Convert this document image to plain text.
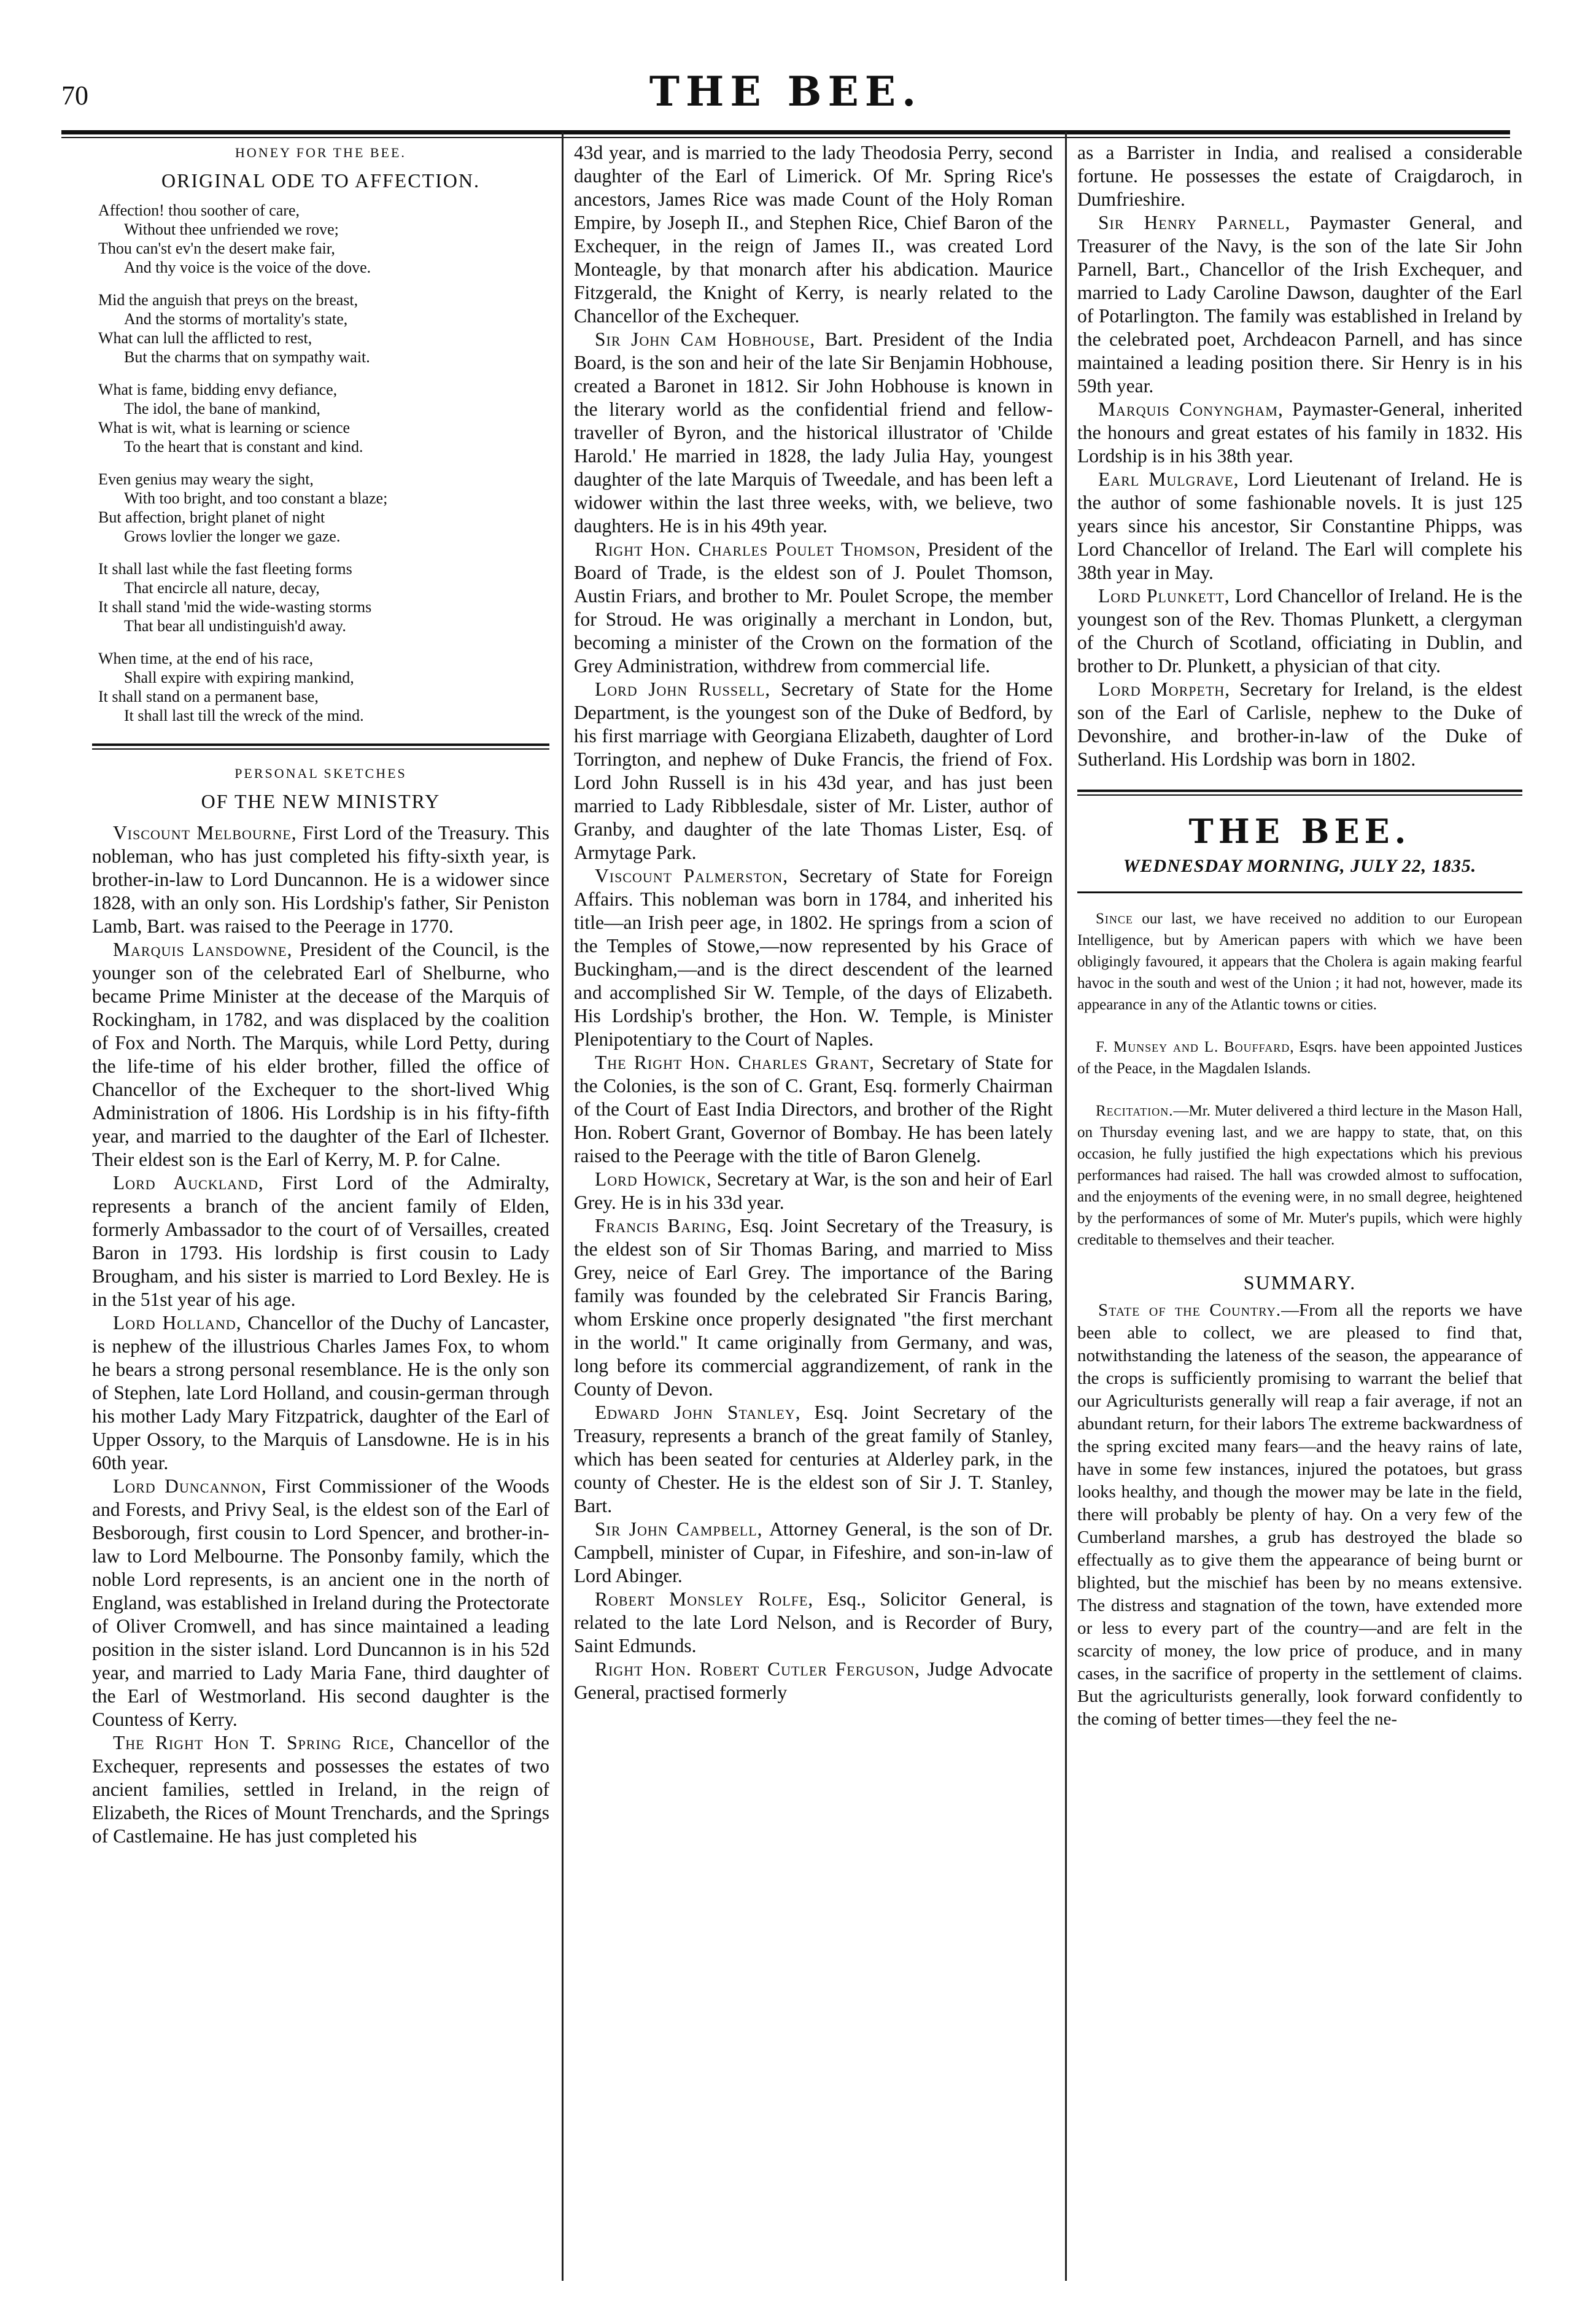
70	THE BEE.
HONEY FOR THE BEE.
ORIGINAL ODE TO AFFECTION.
Affection! thou soother of care,
Without thee unfriended we rove;
Thou can'st ev'n the desert make fair,
And thy voice is the voice of the dove.
Mid the anguish that preys on the breast,
And the storms of mortality's state,
What can lull the afflicted to rest,
But the charms that on sympathy wait.
What is fame, bidding envy defiance,
The idol, the bane of mankind,
What is wit, what is learning or science
To the heart that is constant and kind.
Even genius may weary the sight,
With too bright, and too constant a blaze;
But affection, bright planet of night
Grows lovlier the longer we gaze.
It shall last while the fast fleeting forms
That encircle all nature, decay,
It shall stand 'mid the wide-wasting storms
That bear all undistinguish'd away.
When time, at the end of his race,
Shall expire with expiring mankind,
It shall stand on a permanent base,
It shall last till the wreck of the mind.
PERSONAL SKETCHES
OF THE NEW MINISTRY

Viscount Melbourne, First Lord of the Treasury. This nobleman, who has just completed his fifty-sixth year, is brother-in-law to Lord Duncannon. He is a widower since 1828, with an only son. His Lordship's father, Sir Peniston Lamb, Bart. was raised to the Peerage in 1770.

Marquis Lansdowne, President of the Council, is the younger son of the celebrated Earl of Shelburne, who became Prime Minister at the decease of the Marquis of Rockingham, in 1782, and was displaced by the coalition of Fox and North. The Marquis, while Lord Petty, during the life-time of his elder brother, filled the office of Chancellor of the Exchequer to the short-lived Whig Administration of 1806. His Lordship is in his fifty-fifth year, and married to the daughter of the Earl of Ilchester. Their eldest son is the Earl of Kerry, M. P. for Calne.

Lord Auckland, First Lord of the Admiralty, represents a branch of the ancient family of Elden, formerly Ambassador to the court of of Versailles, created Baron in 1793. His lordship is first cousin to Lady Brougham, and his sister is married to Lord Bexley. He is in the 51st year of his age.

Lord Holland, Chancellor of the Duchy of Lancaster, is nephew of the illustrious Charles James Fox, to whom he bears a strong personal resemblance. He is the only son of Stephen, late Lord Holland, and cousin-german through his mother Lady Mary Fitzpatrick, daughter of the Earl of Upper Ossory, to the Marquis of Lansdowne. He is in his 60th year.

Lord Duncannon, First Commissioner of the Woods and Forests, and Privy Seal, is the eldest son of the Earl of Besborough, first cousin to Lord Spencer, and brother-in-law to Lord Melbourne. The Ponsonby family, which the noble Lord represents, is an ancient one in the north of England, was established in Ireland during the Protectorate of Oliver Cromwell, and has since maintained a leading position in the sister island. Lord Duncannon is in his 52d year, and married to Lady Maria Fane, third daughter of the Earl of Westmorland. His second daughter is the Countess of Kerry.

The Right Hon T. Spring Rice, Chancellor of the Exchequer, represents and possesses the estates of two ancient families, settled in Ireland, in the reign of Elizabeth, the Rices of Mount Trenchards, and the Springs of Castlemaine. He has just completed his

43d year, and is married to the lady Theodosia Perry, second daughter of the Earl of Limerick. Of Mr. Spring Rice's ancestors, James Rice was made Count of the Holy Roman Empire, by Joseph II., and Stephen Rice, Chief Baron of the Exchequer, in the reign of James II., was created Lord Monteagle, by that monarch after his abdication. Maurice Fitzgerald, the Knight of Kerry, is nearly related to the Chancellor of the Exchequer.

Sir John Cam Hobhouse, Bart. President of the India Board, is the son and heir of the late Sir Benjamin Hobhouse, created a Baronet in 1812. Sir John Hobhouse is known in the literary world as the confidential friend and fellow-traveller of Byron, and the historical illustrator of 'Childe Harold.' He married in 1828, the lady Julia Hay, youngest daughter of the late Marquis of Tweedale, and has been left a widower within the last three weeks, with, we believe, two daughters. He is in his 49th year.

Right Hon. Charles Poulet Thomson, President of the Board of Trade, is the eldest son of J. Poulet Thomson, Austin Friars, and brother to Mr. Poulet Scrope, the member for Stroud. He was originally a merchant in London, but, becoming a minister of the Crown on the formation of the Grey Administration, withdrew from commercial life.

Lord John Russell, Secretary of State for the Home Department, is the youngest son of the Duke of Bedford, by his first marriage with Georgiana Elizabeth, daughter of Lord Torrington, and nephew of Duke Francis, the friend of Fox. Lord John Russell is in his 43d year, and has just been married to Lady Ribblesdale, sister of Mr. Lister, author of Granby, and daughter of the late Thomas Lister, Esq. of Armytage Park.

Viscount Palmerston, Secretary of State for Foreign Affairs. This nobleman was born in 1784, and inherited his title—an Irish peer age, in 1802. He springs from a scion of the Temples of Stowe,—now represented by his Grace of Buckingham,—and is the direct descendent of the learned and accomplished Sir W. Temple, of the days of Elizabeth. His Lordship's brother, the Hon. W. Temple, is Minister Plenipotentiary to the Court of Naples.

The Right Hon. Charles Grant, Secretary of State for the Colonies, is the son of C. Grant, Esq. formerly Chairman of the Court of East India Directors, and brother of the Right Hon. Robert Grant, Governor of Bombay. He has been lately raised to the Peerage with the title of Baron Glenelg.

Lord Howick, Secretary at War, is the son and heir of Earl Grey. He is in his 33d year.

Francis Baring, Esq. Joint Secretary of the Treasury, is the eldest son of Sir Thomas Baring, and married to Miss Grey, neice of Earl Grey. The importance of the Baring family was founded by the celebrated Sir Francis Baring, whom Erskine once properly designated "the first merchant in the world." It came originally from Germany, and was, long before its commercial aggrandizement, of rank in the County of Devon.

Edward John Stanley, Esq. Joint Secretary of the Treasury, represents a branch of the great family of Stanley, which has been seated for centuries at Alderley park, in the county of Chester. He is the eldest son of Sir J. T. Stanley, Bart.

Sir John Campbell, Attorney General, is the son of Dr. Campbell, minister of Cupar, in Fifeshire, and son-in-law of Lord Abinger.

Robert Monsley Rolfe, Esq., Solicitor General, is related to the late Lord Nelson, and is Recorder of Bury, Saint Edmunds.

Right Hon. Robert Cutler Ferguson, Judge Advocate General, practised formerly

as a Barrister in India, and realised a considerable fortune. He possesses the estate of Craigdaroch, in Dumfrieshire.

Sir Henry Parnell, Paymaster General, and Treasurer of the Navy, is the son of the late Sir John Parnell, Bart., Chancellor of the Irish Exchequer, and married to Lady Caroline Dawson, daughter of the Earl of Potarlington. The family was established in Ireland by the celebrated poet, Archdeacon Parnell, and has since maintained a leading position there. Sir Henry is in his 59th year.

Marquis Conyngham, Paymaster-General, inherited the honours and great estates of his family in 1832. His Lordship is in his 38th year.

Earl Mulgrave, Lord Lieutenant of Ireland. He is the author of some fashionable novels. It is just 125 years since his ancestor, Sir Constantine Phipps, was Lord Chancellor of Ireland. The Earl will complete his 38th year in May.

Lord Plunkett, Lord Chancellor of Ireland. He is the youngest son of the Rev. Thomas Plunkett, a clergyman of the Church of Scotland, officiating in Dublin, and brother to Dr. Plunkett, a physician of that city.

Lord Morpeth, Secretary for Ireland, is the eldest son of the Earl of Carlisle, nephew to the Duke of Devonshire, and brother-in-law of the Duke of Sutherland. His Lordship was born in 1802.

THE BEE.
WEDNESDAY MORNING, JULY 22, 1835.

Since our last, we have received no addition to our European Intelligence, but by American papers with which we have been obligingly favoured, it appears that the Cholera is again making fearful havoc in the south and west of the Union ; it had not, however, made its appearance in any of the Atlantic towns or cities.

F. Munsey and L. Bouffard, Esqrs. have been appointed Justices of the Peace, in the Magdalen Islands.

Recitation.—Mr. Muter delivered a third lecture in the Mason Hall, on Thursday evening last, and we are happy to state, that, on this occasion, he fully justified the high expectations which his previous performances had raised. The hall was crowded almost to suffocation, and the enjoyments of the evening were, in no small degree, heightened by the performances of some of Mr. Muter's pupils, which were highly creditable to themselves and their teacher.

SUMMARY.

State of the Country.—From all the reports we have been able to collect, we are pleased to find that, notwithstanding the lateness of the season, the appearance of the crops is sufficiently promising to warrant the belief that our Agriculturists generally will reap a fair average, if not an abundant return, for their labors The extreme backwardness of the spring excited many fears—and the heavy rains of late, have in some few instances, injured the potatoes, but grass looks healthy, and though the mower may be late in the field, there will probably be plenty of hay. On a very few of the Cumberland marshes, a grub has destroyed the blade so effectually as to give them the appearance of being burnt or blighted, but the mischief has been by no means extensive. The distress and stagnation of the town, have extended more or less to every part of the country—and are felt in the scarcity of money, the low price of produce, and in many cases, in the sacrifice of property in the settlement of claims. But the agriculturists generally, look forward confidently to the coming of better times—they feel the ne-
